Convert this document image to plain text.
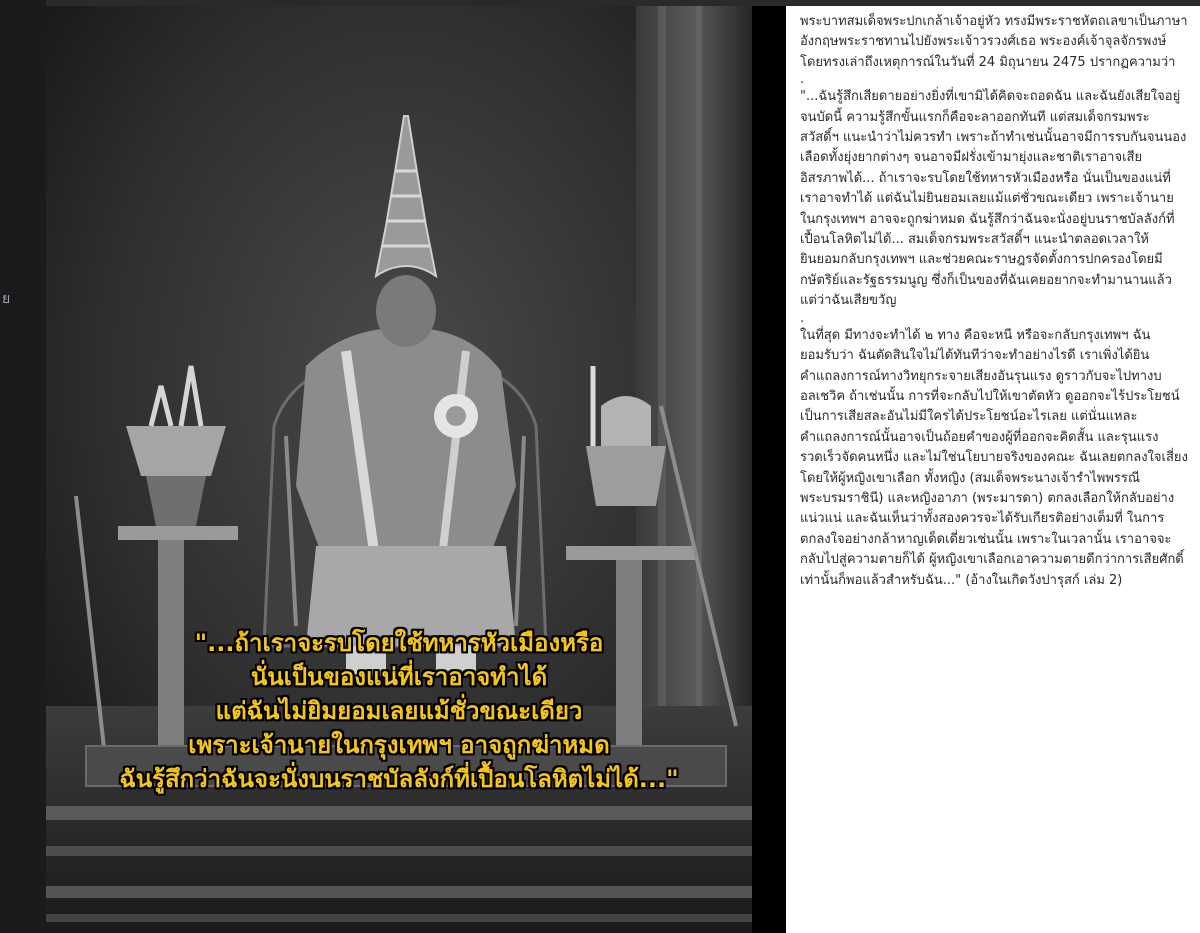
ย
"...ถ้าเราจะรบโดยใช้ทหารหัวเมืองหรือ
นั่นเป็นของแน่ที่เราอาจทำได้
แต่ฉันไม่ยิมยอมเลยแม้ชั่วขณะเดียว
เพราะเจ้านายในกรุงเทพฯ อาจถูกฆ่าหมด
ฉันรู้สึกว่าฉันจะนั่งบนราชบัลลังก์ที่เปื้อนโลหิตไม่ได้..."

พระบาทสมเด็จพระปกเกล้าเจ้าอยู่หัว ทรงมีพระราชหัตถเลขาเป็นภาษาอังกฤษพระราชทานไปยังพระเจ้าวรวงศ์เธอ พระองค์เจ้าจุลจักรพงษ์ โดยทรงเล่าถึงเหตุการณ์ในวันที่ 24 มิถุนายน 2475 ปรากฏความว่า

.

"...ฉันรู้สึกเสียดายอย่างยิ่งที่เขามิได้คิดจะถอดฉัน และฉันยังเสียใจอยู่จนบัดนี้ ความรู้สึกขั้นแรกก็คือจะลาออกทันที แต่สมเด็จกรมพระสวัสดิ์ฯ แนะนำว่าไม่ควรทำ เพราะถ้าทำเช่นนั้นอาจมีการรบกันจนนองเลือดทั้งยุ่งยากต่างๆ จนอาจมีฝรั่งเข้ามายุ่งและชาติเราอาจเสียอิสรภาพได้... ถ้าเราจะรบโดยใช้ทหารหัวเมืองหรือ นั่นเป็นของแน่ที่เราอาจทำได้ แต่ฉันไม่ยินยอมเลยแม้แต่ชั่วขณะเดียว เพราะเจ้านายในกรุงเทพฯ อาจจะถูกฆ่าหมด ฉันรู้สึกว่าฉันจะนั่งอยู่บนราชบัลลังก์ที่เปื้อนโลหิตไม่ได้... สมเด็จกรมพระสวัสดิ์ฯ แนะนำตลอดเวลาให้ยินยอมกลับกรุงเทพฯ และช่วยคณะราษฎรจัดตั้งการปกครองโดยมีกษัตริย์และรัฐธรรมนูญ ซึ่งก็เป็นของที่ฉันเคยอยากจะทำมานานแล้ว แต่ว่าฉันเสียขวัญ

.

ในที่สุด มีทางจะทำได้ ๒ ทาง คือจะหนี หรือจะกลับกรุงเทพฯ ฉันยอมรับว่า ฉันตัดสินใจไม่ได้ทันทีว่าจะทำอย่างไรดี เราเพิ่งได้ยินคำแถลงการณ์ทางวิทยุกระจายเสียงอันรุนแรง ดูราวกับจะไปทางบอลเชวิค ถ้าเช่นนั้น การที่จะกลับไปให้เขาตัดหัว ดูออกจะไร้ประโยชน์ เป็นการเสียสละอันไม่มีใครได้ประโยชน์อะไรเลย แต่นั่นแหละ คำแถลงการณ์นั้นอาจเป็นถ้อยคำของผู้ที่ออกจะคิดสั้น และรุนแรงรวดเร็วจัดคนหนึ่ง และไม่ใช่นโยบายจริงของคณะ ฉันเลยตกลงใจเสี่ยง โดยให้ผู้หญิงเขาเลือก ทั้งหญิง (สมเด็จพระนางเจ้ารำไพพรรณี พระบรมราชินี) และหญิงอาภา (พระมารดา) ตกลงเลือกให้กลับอย่างแน่วแน่ และฉันเห็นว่าทั้งสองควรจะได้รับเกียรติอย่างเต็มที่ ในการตกลงใจอย่างกล้าหาญเด็ดเดี่ยวเช่นนั้น เพราะในเวลานั้น เราอาจจะกลับไปสู่ความตายก็ได้ ผู้หญิงเขาเลือกเอาความตายดีกว่าการเสียศักดิ์ เท่านั้นก็พอแล้วสำหรับฉัน..." (อ้างในเกิดวังปารุสก์ เล่ม 2)
